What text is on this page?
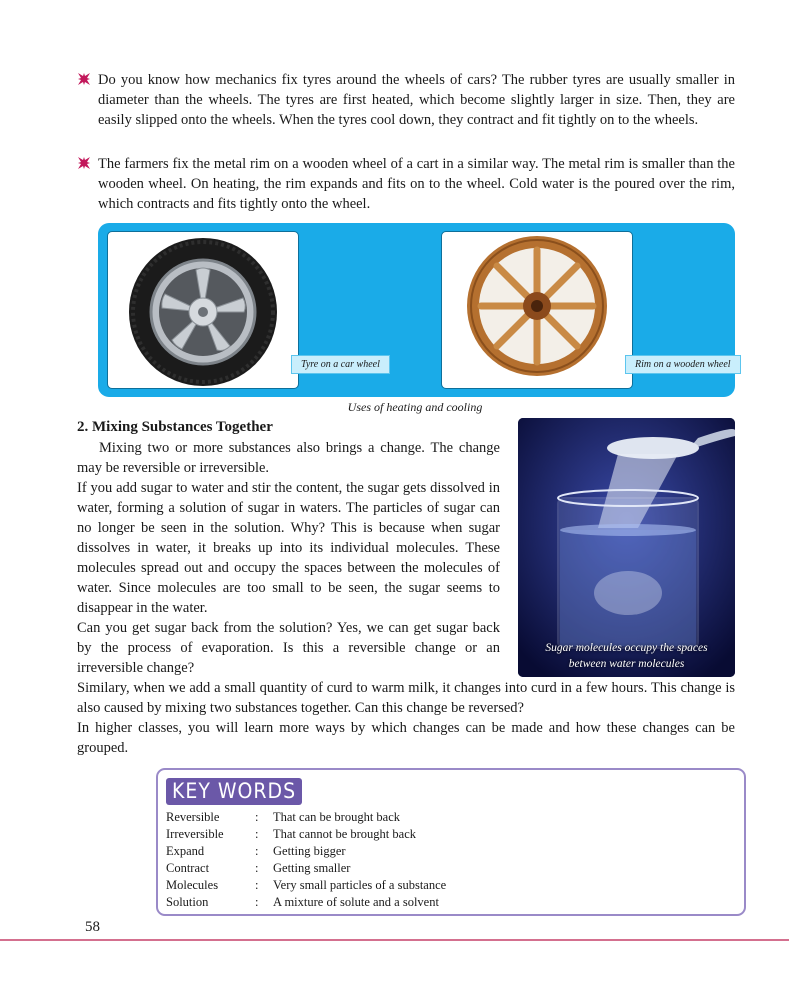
Do you know how mechanics fix tyres around the wheels of cars? The rubber tyres are usually smaller in diameter than the wheels. The tyres are first heated, which become slightly larger in size. Then, they are easily slipped onto the wheels. When the tyres cool down, they contract and fit tightly on to the wheels.

The farmers fix the metal rim on a wooden wheel of a cart in a similar way. The metal rim is smaller than the wooden wheel. On heating, the rim expands and fits on to the wheel. Cold water is the poured over the rim, which contracts and fits tightly onto the wheel.

Tyre on a car wheel	Rim on a wooden wheel
Uses of heating and cooling
2. Mixing Substances Together

Mixing two or more substances also brings a change. The change may be reversible or irreversible.

If you add sugar to water and stir the content, the sugar gets dissolved in water, forming a solution of sugar in waters. The particles of sugar can no longer be seen in the solution. Why? This is because when sugar dissolves in water, it breaks up into its individual molecules. These molecules spread out and occupy the spaces between the molecules of water. Since molecules are too small to be seen, the sugar seems to disappear in the water.

Can you get sugar back from the solution? Yes, we can get sugar back by the process of evaporation. Is this a reversible change or an irreversible change?

Sugar molecules occupy the spaces
between water molecules

Similary, when we add a small quantity of curd to warm milk, it changes into curd in a few hours. This change is also caused by mixing two substances together. Can this change be reversed?

In higher classes, you will learn more ways by which changes can be made and how these changes can be grouped.

KEY WORDS
Reversible	:	That can be brought back
Irreversible	:	That cannot be brought back
Expand	:	Getting bigger
Contract	:	Getting smaller
Molecules	:	Very small particles of a substance
Solution	:	A mixture of solute and a solvent
58
